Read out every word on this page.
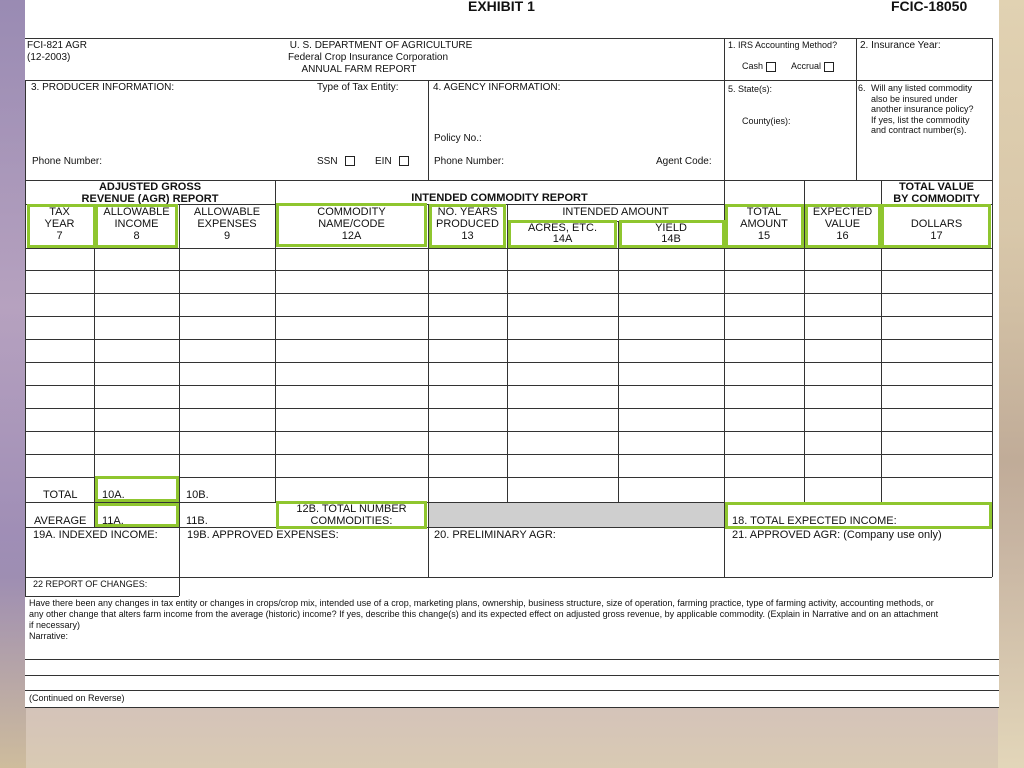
EXHIBIT 1	FCIC-18050
FCI-821 AGR
(12-2003)
U. S. DEPARTMENT OF AGRICULTURE
Federal Crop Insurance Corporation
ANNUAL FARM REPORT
1. IRS Accounting Method?
Cash	Accrual
2. Insurance Year:
3. PRODUCER INFORMATION:	Type of Tax Entity:
Phone Number:	SSN	EIN
4. AGENCY INFORMATION:
Policy No.:
Phone Number:	Agent Code:
5. State(s):
County(ies):
6. Will any listed commodity
also be insured under
another insurance policy?
If yes, list the commodity
and contract number(s).
ADJUSTED GROSS
REVENUE (AGR) REPORT	INTENDED COMMODITY REPORT
TOTAL VALUE
BY COMMODITY
TAX
YEAR
7
ALLOWABLE
INCOME
8
ALLOWABLE
EXPENSES
9
COMMODITY
NAME/CODE
12A
NO. YEARS
PRODUCED
13
INTENDED AMOUNT
ACRES, ETC.
14A
YIELD
14B
TOTAL
AMOUNT
15
EXPECTED
VALUE
16
DOLLARS
17
TOTAL 10A.	10B.
AVERAGE 11A.	11B.
12B. TOTAL NUMBER
COMMODITIES:	18. TOTAL EXPECTED INCOME:
19A. INDEXED INCOME:	19B. APPROVED EXPENSES:	20. PRELIMINARY AGR:	21. APPROVED AGR: (Company use only)
22 REPORT OF CHANGES:
Have there been any changes in tax entity or changes in crops/crop mix, intended use of a crop, marketing plans, ownership, business structure, size of operation, farming practice, type of farming activity, accounting methods, or
any other change that alters farm income from the average (historic) income? If yes, describe this change(s) and its expected effect on adjusted gross revenue, by applicable commodity. (Explain in Narrative and on an attachment
if necessary)
Narrative:
(Continued on Reverse)
